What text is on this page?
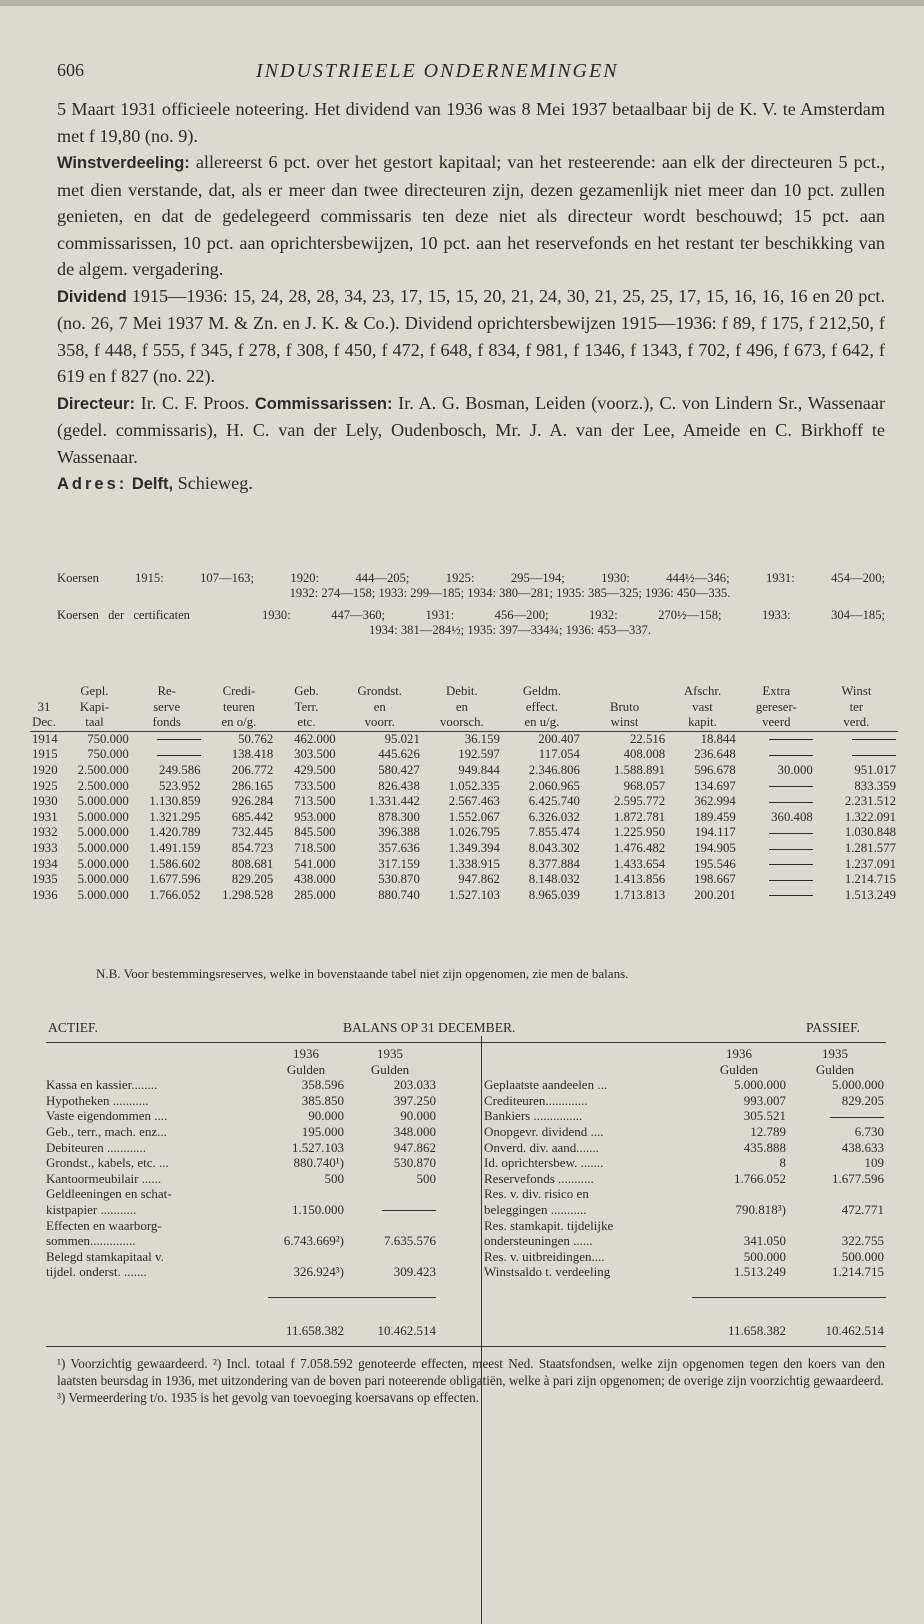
606	INDUSTRIEELE ONDERNEMINGEN

5 Maart 1931 officieele noteering. Het dividend van 1936 was 8 Mei 1937 betaalbaar bij de K. V. te Amsterdam met f 19,80 (no. 9).

Winstverdeeling: allereerst 6 pct. over het gestort kapitaal; van het resteerende: aan elk der directeuren 5 pct., met dien verstande, dat, als er meer dan twee directeuren zijn, dezen gezamenlijk niet meer dan 10 pct. zullen genieten, en dat de gedelegeerd commissaris ten deze niet als directeur wordt beschouwd; 15 pct. aan commissarissen, 10 pct. aan oprichtersbewijzen, 10 pct. aan het reservefonds en het restant ter beschikking van de algem. vergadering.

Dividend 1915—1936: 15, 24, 28, 28, 34, 23, 17, 15, 15, 20, 21, 24, 30, 21, 25, 25, 17, 15, 16, 16, 16 en 20 pct. (no. 26, 7 Mei 1937 M. & Zn. en J. K. & Co.). Dividend oprichtersbewijzen 1915—1936: f 89, f 175, f 212,50, f 358, f 448, f 555, f 345, f 278, f 308, f 450, f 472, f 648, f 834, f 981, f 1346, f 1343, f 702, f 496, f 673, f 642, f 619 en f 827 (no. 22).

Directeur: Ir. C. F. Proos. Commissarissen: Ir. A. G. Bosman, Leiden (voorz.), C. von Lindern Sr., Wassenaar (gedel. commissaris), H. C. van der Lely, Oudenbosch, Mr. J. A. van der Lee, Ameide en C. Birkhoff te Wassenaar.

Adres: Delft, Schieweg.

Koersen	1915: 107—163; 1920: 444—205; 1925: 295—194; 1930: 444½—346; 1931: 454—200;
1932: 274—158; 1933: 299—185; 1934: 380—281; 1935: 385—325; 1936: 450—335.
Koersen der certificaten	1930: 447—360; 1931: 456—200; 1932: 270½—158; 1933: 304—185;
1934: 381—284½; 1935: 397—334¾; 1936: 453—337.
	Gepl.	Re-	Credi-	Geb.	Grondst.	Debit.	Geldm.		Afschr.	Extra	Winst
31	Kapi-	serve	teuren	Terr.	en	en	effect.	Bruto	vast	gereser-	ter
Dec.	taal	fonds	en o/g.	etc.	voorr.	voorsch.	en u/g.	winst	kapit.	veerd	verd.
1914	750.000		50.762	462.000	95.021	36.159	200.407	22.516	18.844		
1915	750.000		138.418	303.500	445.626	192.597	117.054	408.008	236.648		
1920	2.500.000	249.586	206.772	429.500	580.427	949.844	2.346.806	1.588.891	596.678	30.000	951.017
1925	2.500.000	523.952	286.165	733.500	826.438	1.052.335	2.060.965	968.057	134.697		833.359
1930	5.000.000	1.130.859	926.284	713.500	1.331.442	2.567.463	6.425.740	2.595.772	362.994		2.231.512
1931	5.000.000	1.321.295	685.442	953.000	878.300	1.552.067	6.326.032	1.872.781	189.459	360.408	1.322.091
1932	5.000.000	1.420.789	732.445	845.500	396.388	1.026.795	7.855.474	1.225.950	194.117		1.030.848
1933	5.000.000	1.491.159	854.723	718.500	357.636	1.349.394	8.043.302	1.476.482	194.905		1.281.577
1934	5.000.000	1.586.602	808.681	541.000	317.159	1.338.915	8.377.884	1.433.654	195.546		1.237.091
1935	5.000.000	1.677.596	829.205	438.000	530.870	947.862	8.148.032	1.413.856	198.667		1.214.715
1936	5.000.000	1.766.052	1.298.528	285.000	880.740	1.527.103	8.965.039	1.713.813	200.201		1.513.249
N.B. Voor bestemmingsreserves, welke in bovenstaande tabel niet zijn opgenomen, zie men de balans.
ACTIEF.	BALANS OP 31 DECEMBER.	PASSIEF.
1936	1935
Gulden	Gulden
Kassa en kassier........	358.596	203.033
Hypotheken ...........	385.850	397.250
Vaste eigendommen ....	90.000	90.000
Geb., terr., mach. enz...	195.000	348.000
Debiteuren ............	1.527.103	947.862
Grondst., kabels, etc. ...	880.740¹)	530.870
Kantoormeubilair ......	500	500
Geldleeningen en schat-
kistpapier ...........	1.150.000
Effecten en waarborg-
sommen..............	6.743.669²)	7.635.576
Belegd stamkapitaal v.
tijdel. onderst. .......	326.924³)	309.423
1936	1935
Gulden	Gulden
Geplaatste aandeelen ...	5.000.000	5.000.000
Crediteuren.............	993.007	829.205
Bankiers ...............	305.521
Onopgevr. dividend ....	12.789	6.730
Onverd. div. aand.......	435.888	438.633
Id. oprichtersbew. .......	8	109
Reservefonds ...........	1.766.052	1.677.596
Res. v. div. risico en
beleggingen ...........	790.818³)	472.771
Res. stamkapit. tijdelijke
ondersteuningen ......	341.050	322.755
Res. v. uitbreidingen....	500.000	500.000
Winstsaldo t. verdeeling	1.513.249	1.214.715
11.658.382	10.462.514	11.658.382	10.462.514
¹) Voorzichtig gewaardeerd. ²) Incl. totaal f 7.058.592 genoteerde effecten, meest Ned. Staatsfondsen, welke zijn opgenomen tegen den koers van den laatsten beursdag in 1936, met uitzondering van de boven pari noteerende obligatiën, welke à pari zijn opgenomen; de overige zijn voorzichtig gewaardeerd.
³) Vermeerdering t/o. 1935 is het gevolg van toevoeging koersavans op effecten.
